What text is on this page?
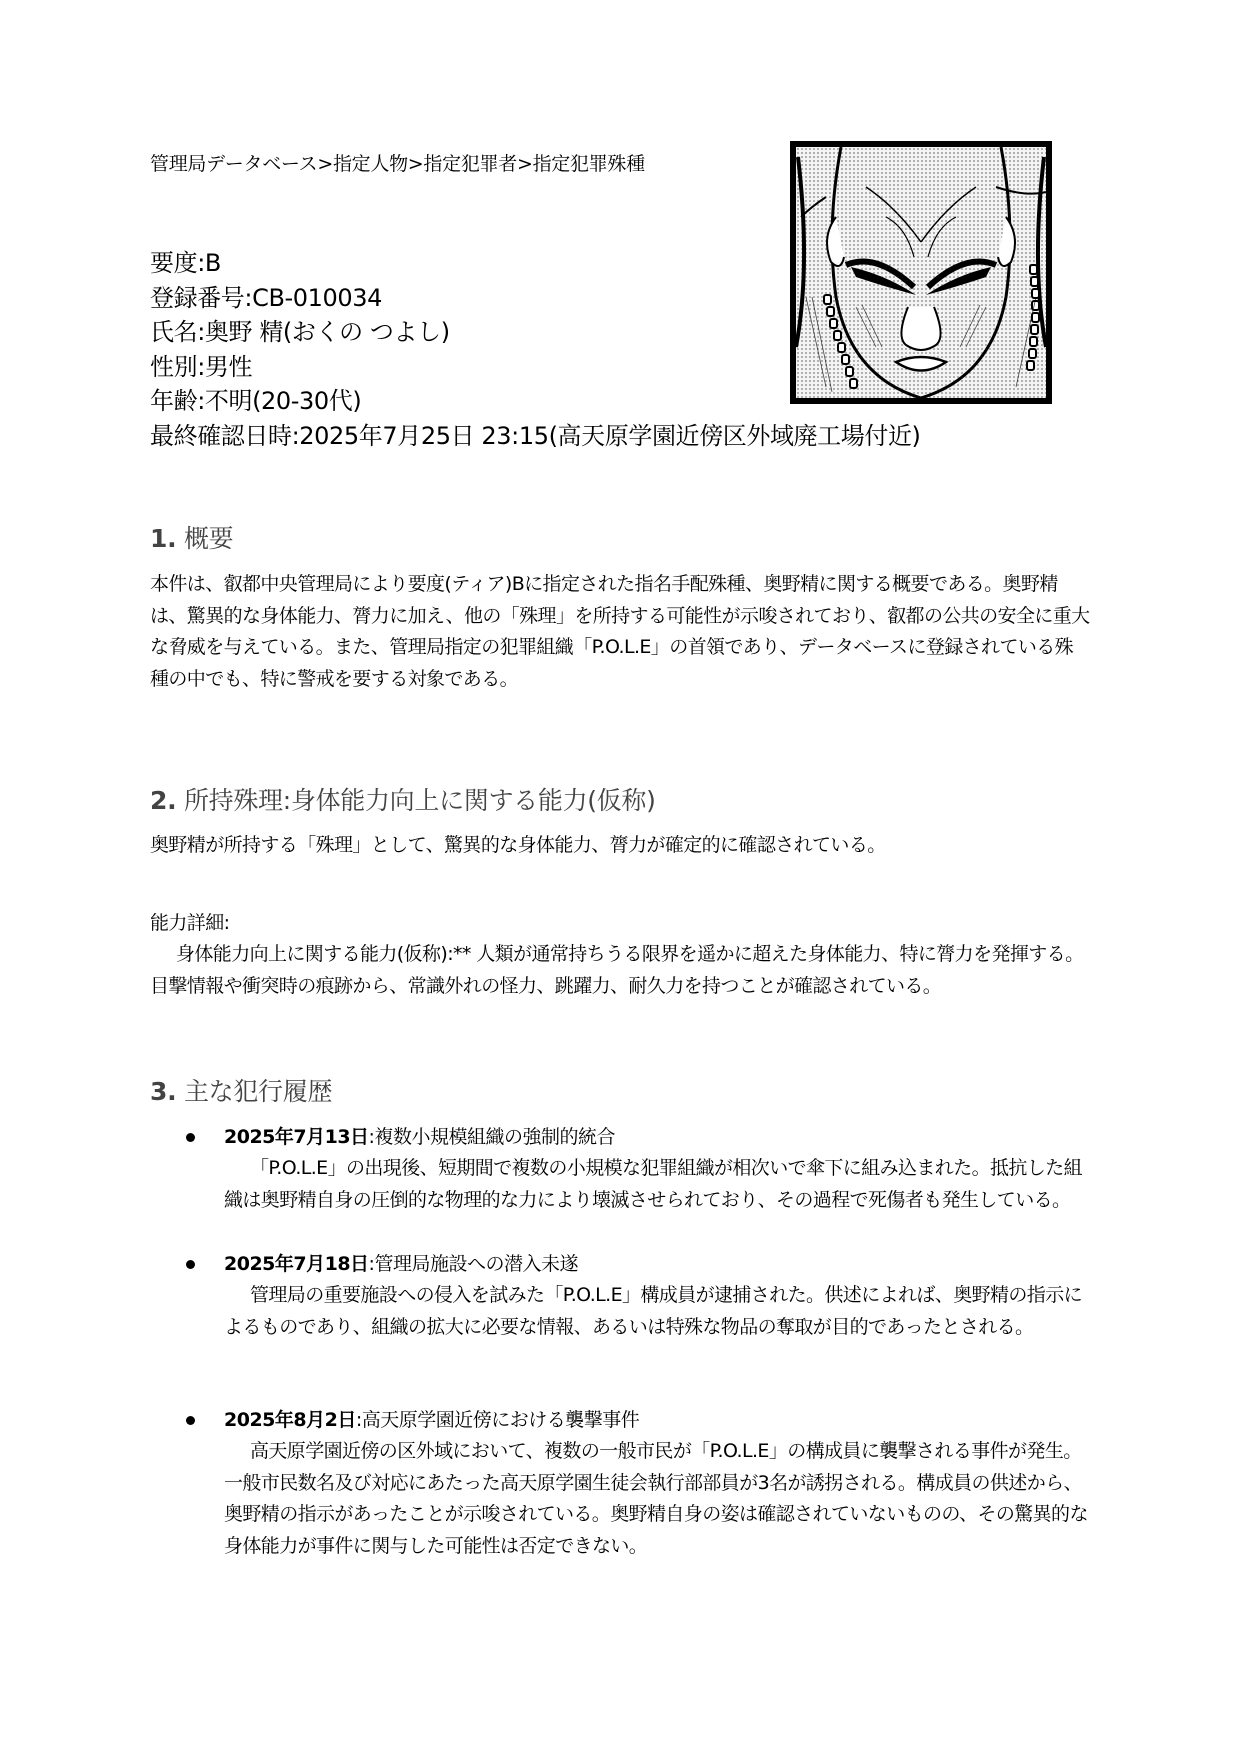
管理局データベース>指定人物>指定犯罪者>指定犯罪殊種
要度:B
登録番号:CB-010034
氏名:奥野 精(おくの つよし)
性別:男性
年齢:不明(20-30代)
最終確認日時:2025年7月25日 23:15(高天原学園近傍区外域廃工場付近)
1. 概要
本件は、叡都中央管理局により要度(ティア)Bに指定された指名手配殊種、奥野精に関する概要である。奥野精は、驚異的な身体能力、膂力に加え、他の「殊理」を所持する可能性が示唆されており、叡都の公共の安全に重大な脅威を与えている。また、管理局指定の犯罪組織「P.O.L.E」の首領であり、データベースに登録されている殊種の中でも、特に警戒を要する対象である。
2. 所持殊理:身体能力向上に関する能力(仮称)
奥野精が所持する「殊理」として、驚異的な身体能力、膂力が確定的に確認されている。
能力詳細:
身体能力向上に関する能力(仮称):** 人類が通常持ちうる限界を遥かに超えた身体能力、特に膂力を発揮する。目撃情報や衝突時の痕跡から、常識外れの怪力、跳躍力、耐久力を持つことが確認されている。
3. 主な犯行履歴
2025年7月13日:複数小規模組織の強制的統合
「P.O.L.E」の出現後、短期間で複数の小規模な犯罪組織が相次いで傘下に組み込まれた。抵抗した組織は奥野精自身の圧倒的な物理的な力により壊滅させられており、その過程で死傷者も発生している。
2025年7月18日:管理局施設への潜入未遂
管理局の重要施設への侵入を試みた「P.O.L.E」構成員が逮捕された。供述によれば、奥野精の指示によるものであり、組織の拡大に必要な情報、あるいは特殊な物品の奪取が目的であったとされる。
2025年8月2日:高天原学園近傍における襲撃事件
高天原学園近傍の区外域において、複数の一般市民が「P.O.L.E」の構成員に襲撃される事件が発生。一般市民数名及び対応にあたった高天原学園生徒会執行部部員が3名が誘拐される。構成員の供述から、奥野精の指示があったことが示唆されている。奥野精自身の姿は確認されていないものの、その驚異的な身体能力が事件に関与した可能性は否定できない。
